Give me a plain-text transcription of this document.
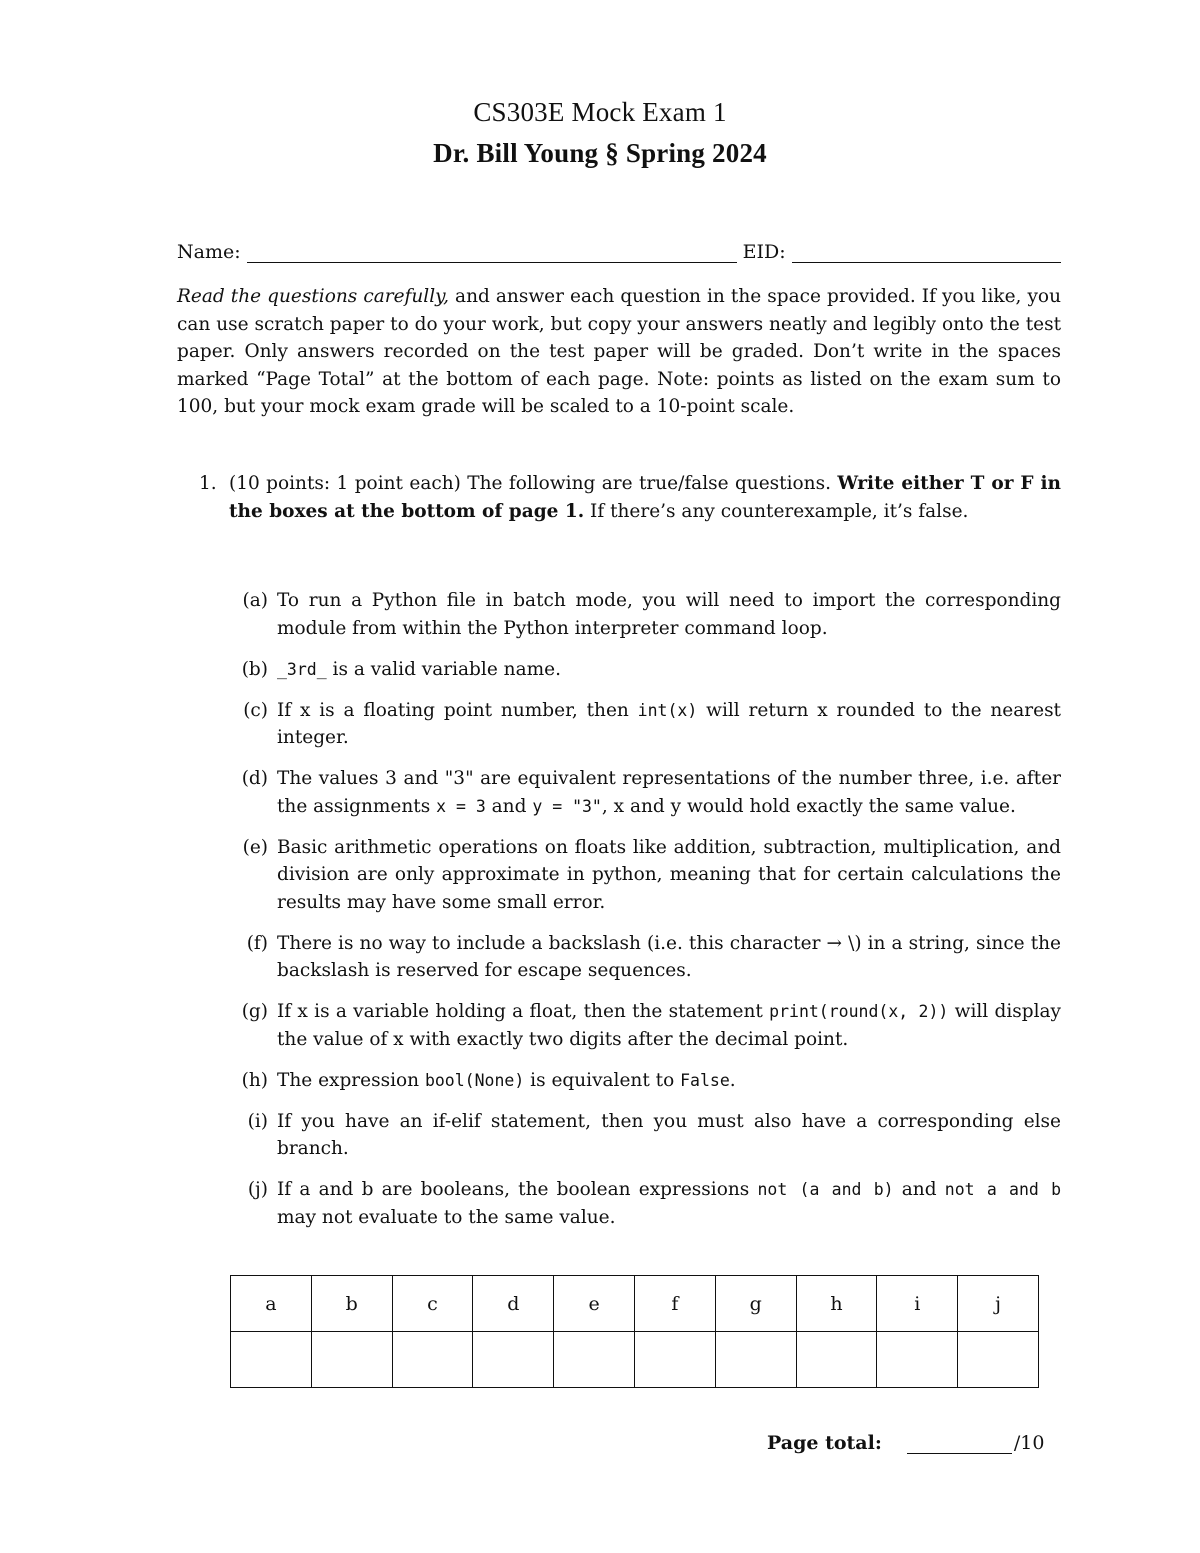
CS303E Mock Exam 1
Dr. Bill Young § Spring 2024
Name:	EID:
Read the questions carefully, and answer each question in the space provided. If you like, you can use scratch paper to do your work, but copy your answers neatly and legibly onto the test paper. Only answers recorded on the test paper will be graded. Don’t write in the spaces marked “Page Total” at the bottom of each page. Note: points as listed on the exam sum to 100, but your mock exam grade will be scaled to a 10-point scale.
1. (10 points: 1 point each) The following are true/false questions. Write either T or F in the boxes at the bottom of page 1. If there’s any counterexample, it’s false.
(a) To run a Python file in batch mode, you will need to import the corresponding module from within the Python interpreter command loop.
(b) _3rd_ is a valid variable name.
(c) If x is a floating point number, then int(x) will return x rounded to the nearest integer.
(d) The values 3 and "3" are equivalent representations of the number three, i.e. after the assignments x = 3 and y = "3", x and y would hold exactly the same value.
(e) Basic arithmetic operations on floats like addition, subtraction, multiplication, and division are only approximate in python, meaning that for certain calculations the results may have some small error.
(f) There is no way to include a backslash (i.e. this character → \) in a string, since the backslash is reserved for escape sequences.
(g) If x is a variable holding a float, then the statement print(round(x, 2)) will display the value of x with exactly two digits after the decimal point.
(h) The expression bool(None) is equivalent to False.
(i) If you have an if-elif statement, then you must also have a corresponding else branch.
(j) If a and b are booleans, the boolean expressions not (a and b) and not a and b may not evaluate to the same value.
a	b	c	d	e	f	g	h	i	j

Page total:	/10
